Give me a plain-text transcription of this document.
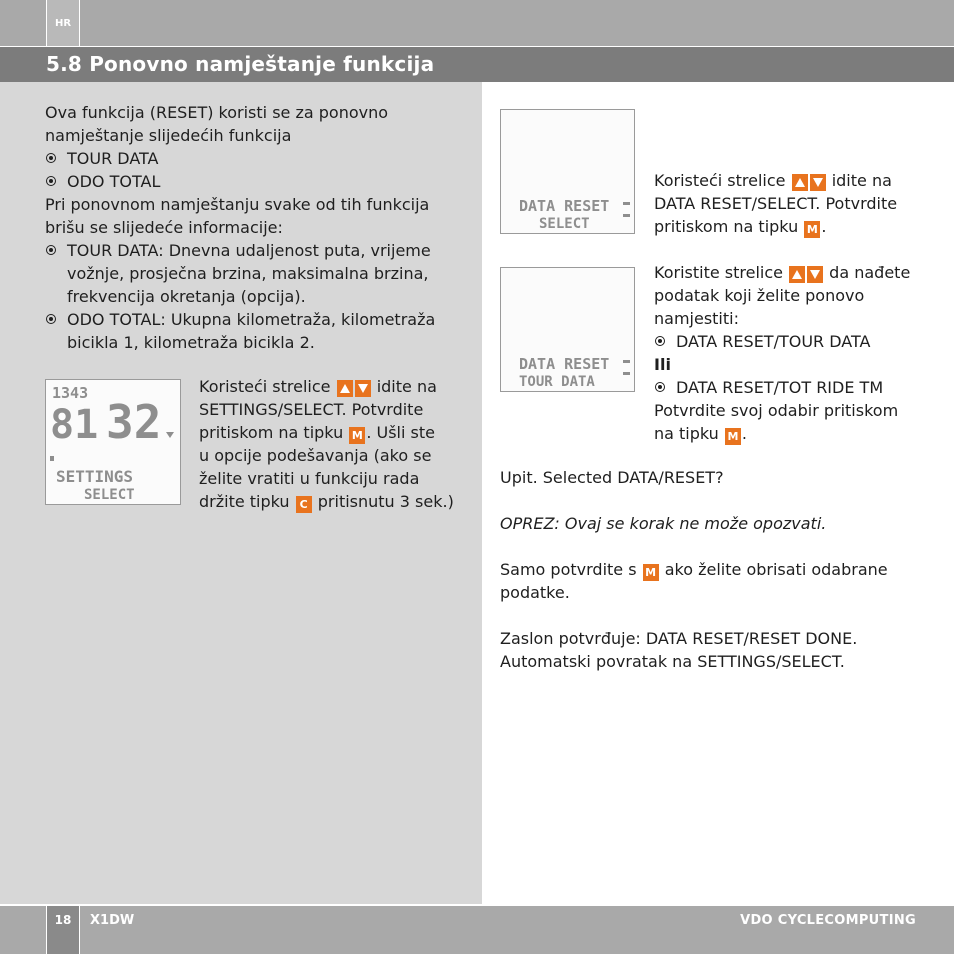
HR
5.8 Ponovno namještanje funkcija
Ova funkcija (RESET) koristi se za ponovno
namještanje slijedećih funkcija
TOUR DATA
ODO TOTAL
Pri ponovnom namještanju svake od tih funkcija
brišu se slijedeće informacije:
TOUR DATA: Dnevna udaljenost puta, vrijeme
vožnje, prosječna brzina, maksimalna brzina,
frekvencija okretanja (opcija).
ODO TOTAL: Ukupna kilometraža, kilometraža
bicikla 1, kilometraža bicikla 2.
1343
81 32
SETTINGS
SELECT
Koristeći strelice	idite na
SETTINGS/SELECT. Potvrdite
pritiskom na tipku M . Ušli ste
u opcije podešavanja (ako se
želite vratiti u funkciju rada
držite tipku C pritisnutu 3 sek.)
DATA RESET
SELECT
Koristeći strelice	idite na
DATA RESET/SELECT. Potvrdite
pritiskom na tipku M .
DATA RESET
TOUR DATA
Koristite strelice	da nađete
podatak koji želite ponovo
namjestiti:
DATA RESET/TOUR DATA
Ili
DATA RESET/TOT RIDE TM
Potvrdite svoj odabir pritiskom
na tipku M .
Upit. Selected DATA/RESET?
OPREZ: Ovaj se korak ne može opozvati.
Samo potvrdite s M ako želite obrisati odabrane
podatke.
Zaslon potvrđuje: DATA RESET/RESET DONE.
Automatski povratak na SETTINGS/SELECT.
18 X1DW	VDO CYCLECOMPUTING
